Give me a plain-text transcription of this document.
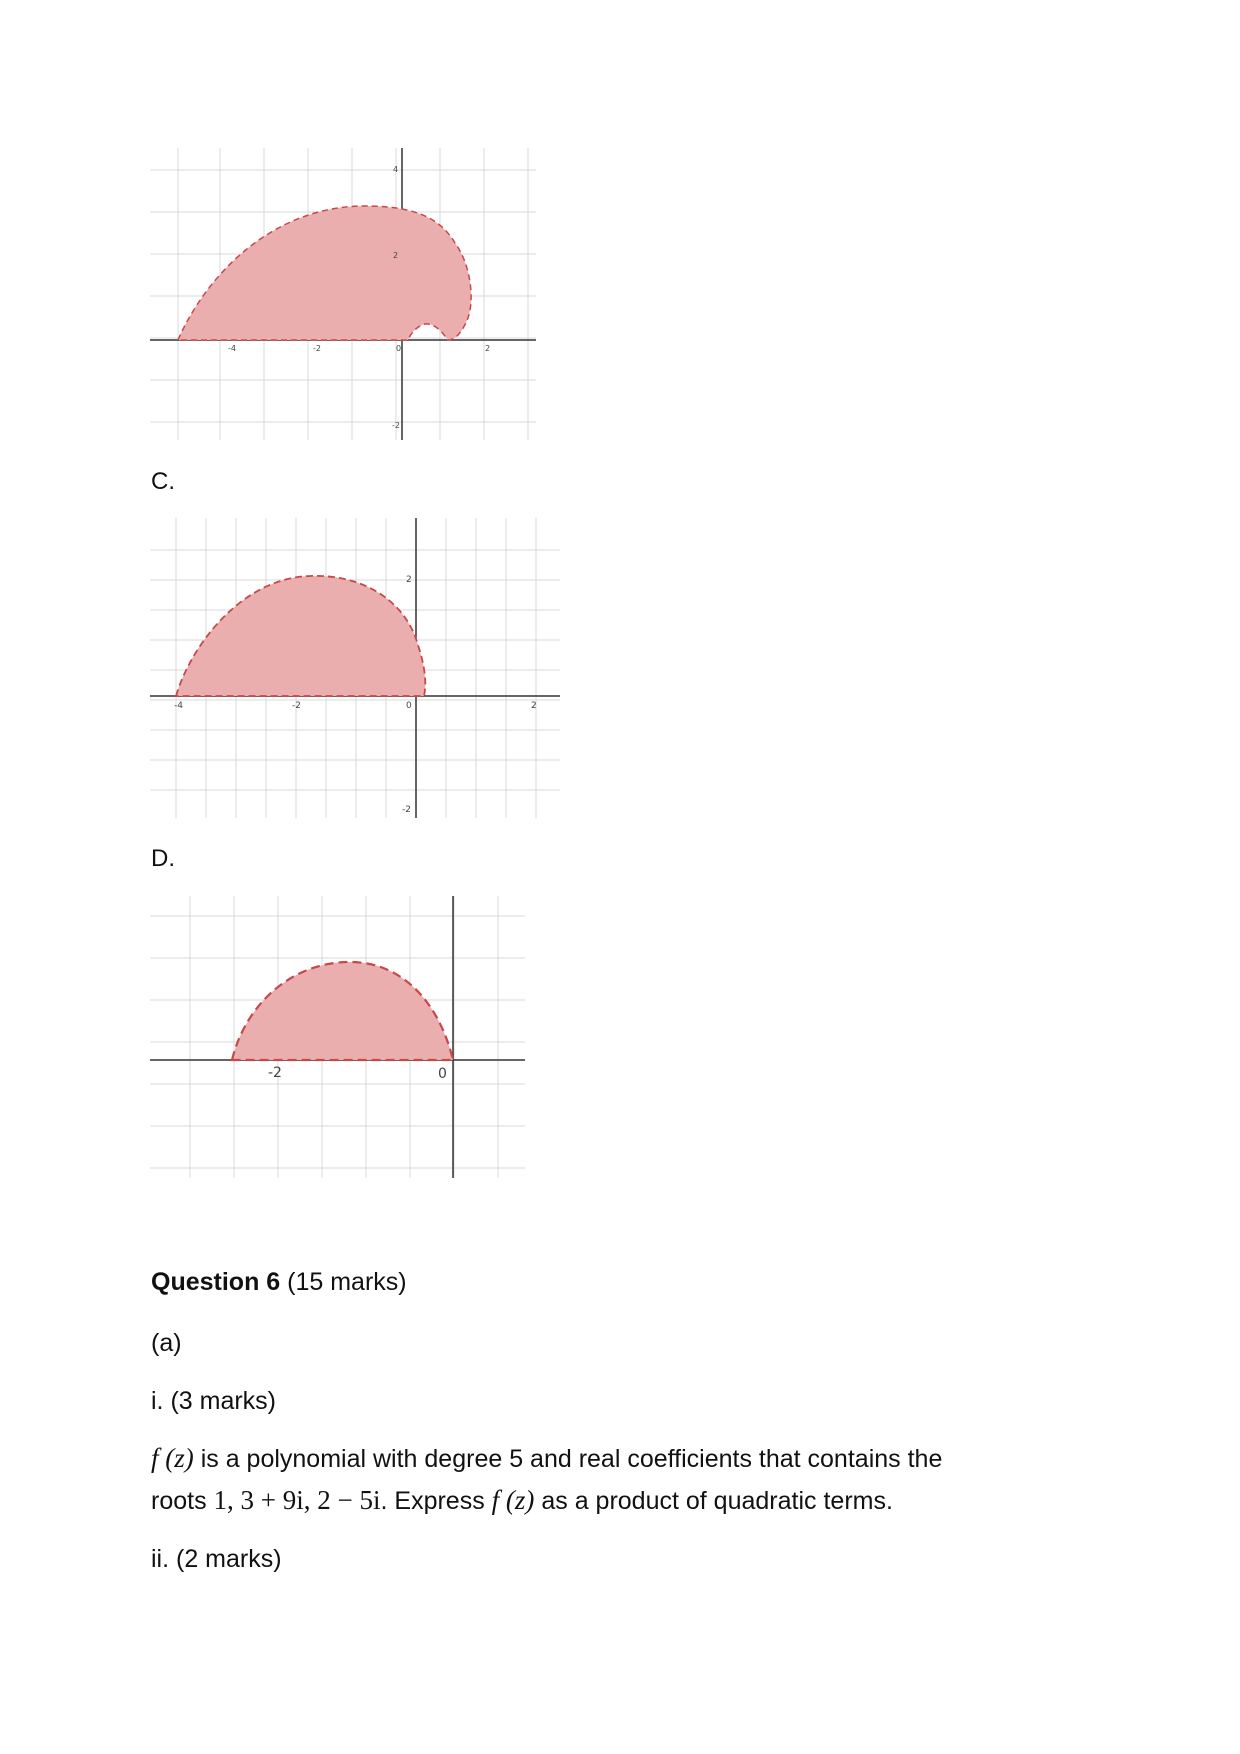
-4	-2	0	2
4
2
-2
C.
-4	-2	0	2
2
-2
D.
-2	0
Question 6 (15 marks)
(a)
i. (3 marks)
f (z) is a polynomial with degree 5 and real coefficients that contains the
roots 1, 3 + 9i, 2 − 5i. Express f (z) as a product of quadratic terms.
ii. (2 marks)
